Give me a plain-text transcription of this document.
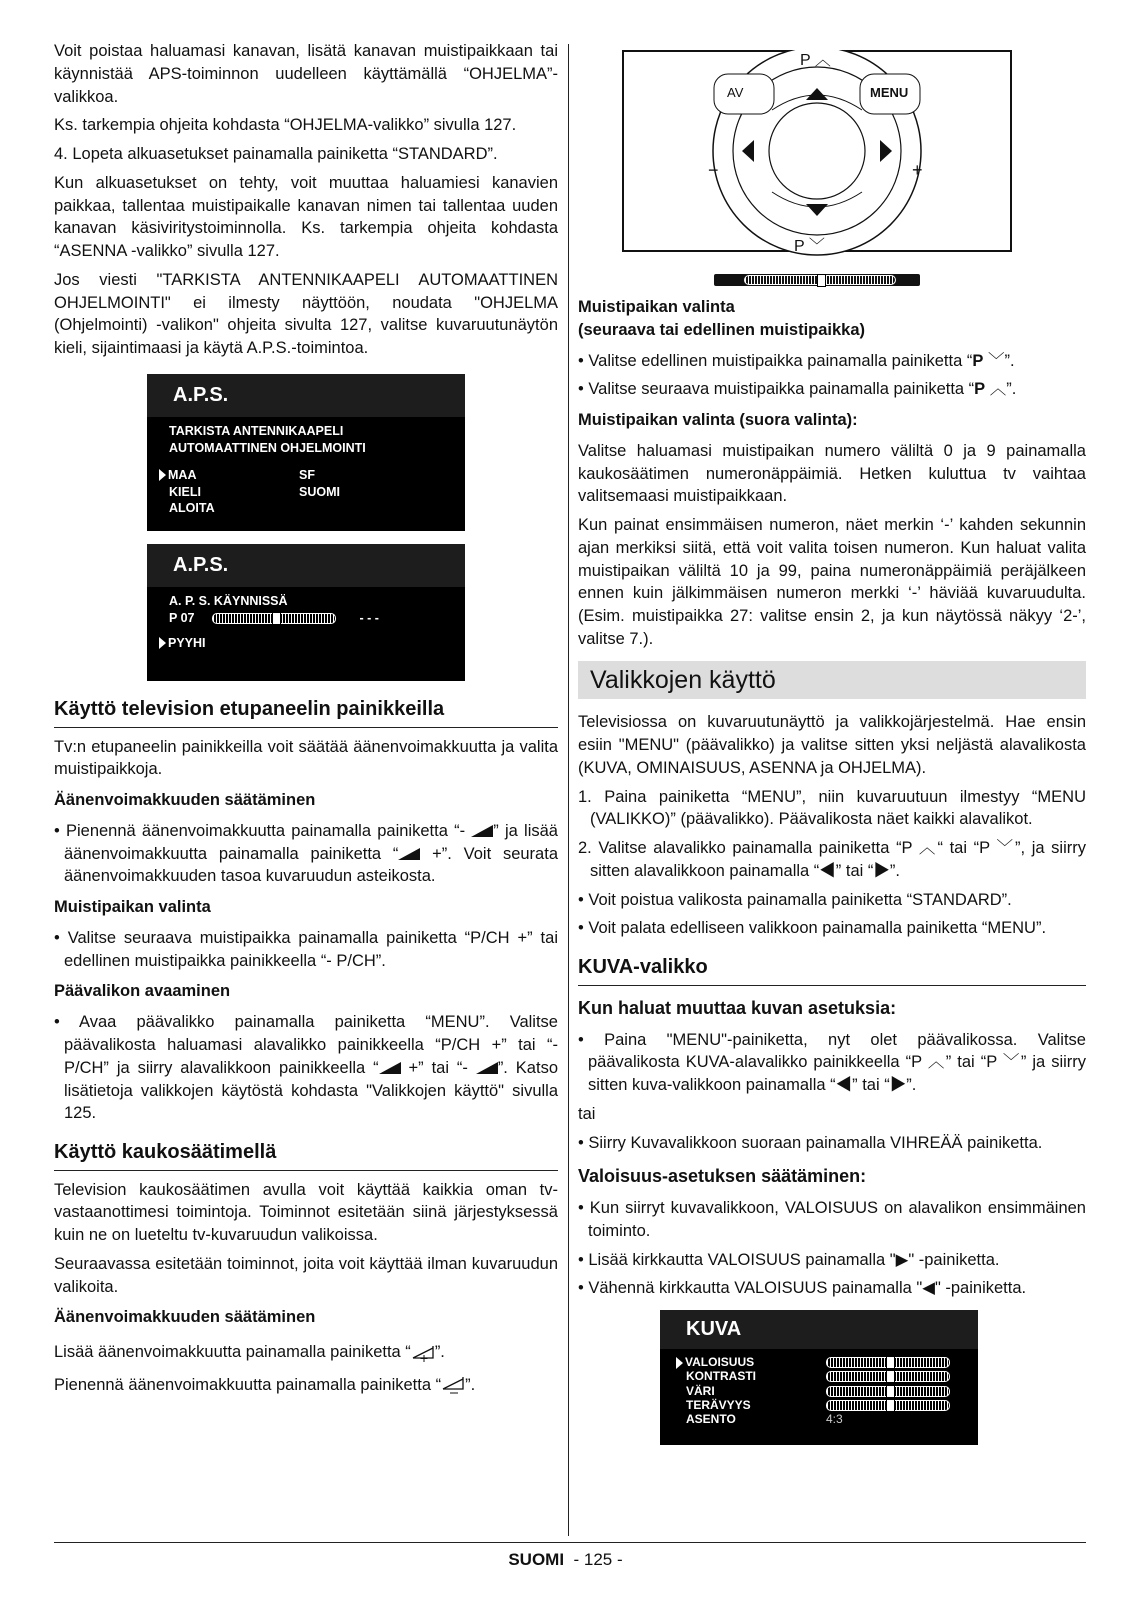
Voit poistaa haluamasi kanavan, lisätä kanavan muistipaikkaan tai käynnistää APS-toiminnon uudelleen käyttämällä “OHJELMA”-valikkoa.

Ks. tarkempia ohjeita kohdasta “OHJELMA-valikko” sivulla 127.

4. Lopeta alkuasetukset painamalla painiketta “STANDARD”.

Kun alkuasetukset on tehty, voit muuttaa haluamiesi kanavien paikkaa, tallentaa muistipaikalle kanavan nimen tai tallentaa uuden kanavan käsiviritystoiminnolla. Ks. tarkempia ohjeita kohdasta “ASENNA -valikko” sivulla 127.

Jos viesti "TARKISTA ANTENNIKAAPELI AUTOMAATTINEN OHJELMOINTI" ei ilmesty näyttöön, noudata "OHJELMA (Ohjelmointi) -valikon" ohjeita sivulta 127, valitse kuvaruutunäytön kieli, sijaintimaasi ja käytä A.P.S.-toimintoa.

A.P.S.
TARKISTA ANTENNIKAAPELI
AUTOMAATTINEN OHJELMOINTI
MAA	SF
KIELI	SUOMI
ALOITA
A.P.S.
A. P. S. KÄYNNISSÄ
P 07	- - -
PYYHI
Käyttö television etupaneelin painikkeilla

Tv:n etupaneelin painikkeilla voit säätää äänenvoimakkuutta ja valita muistipaikkoja.

Äänenvoimakkuuden säätäminen
• Pienennä äänenvoimakkuutta painamalla painiketta “- ” ja lisää äänenvoimakkuutta painamalla painiketta “ +”. Voit seurata äänenvoimakkuuden tasoa kuvaruudun asteikosta.
Muistipaikan valinta
• Valitse seuraava muistipaikka painamalla painiketta “P/CH +” tai edellinen muistipaikka painikkeella “- P/CH”.
Päävalikon avaaminen
• Avaa päävalikko painamalla painiketta “MENU”. Valitse päävalikosta haluamasi alavalikko painikkeella “P/CH +” tai “- P/CH” ja siirry alavalikkoon painikkeella “ +” tai “- ”. Katso lisätietoja valikkojen käytöstä kohdasta "Valikkojen käyttö" sivulla 125.
Käyttö kaukosäätimellä

Television kaukosäätimen avulla voit käyttää kaikkia oman tv-vastaanottimesi toimintoja. Toiminnot esitetään siinä järjestyksessä kuin ne on lueteltu tv-kuvaruudun valikoissa.

Seuraavassa esitetään toiminnot, joita voit käyttää ilman kuvaruudun valikoita.

Äänenvoimakkuuden säätäminen

Lisää äänenvoimakkuutta painamalla painiketta “ ”.

Pienennä äänenvoimakkuutta painamalla painiketta “ ”.

P ︿
AV	MENU
−	+
P ﹀
Muistipaikan valinta
(seuraava tai edellinen muistipaikka)
• Valitse edellinen muistipaikka painamalla painiketta “P ﹀”.
• Valitse seuraava muistipaikka painamalla painiketta “P ︿”.
Muistipaikan valinta (suora valinta):

Valitse haluamasi muistipaikan numero väliltä 0 ja 9 painamalla kaukosäätimen numeronäppäimiä. Hetken kuluttua tv vaihtaa valitsemaasi muistipaikkaan.

Kun painat ensimmäisen numeron, näet merkin ‘-’ kahden sekunnin ajan merkiksi siitä, että voit valita toisen numeron. Kun haluat valita muistipaikan väliltä 10 ja 99, paina numeronäppäimiä peräjälkeen ennen kuin jälkimmäisen numeron merkki ‘-’ häviää kuvaruudulta. (Esim. muistipaikka 27: valitse ensin 2, ja kun näytössä näkyy ‘2-’, valitse 7.).

Valikkojen käyttö

Televisiossa on kuvaruutunäyttö ja valikkojärjestelmä. Hae ensin esiin "MENU" (päävalikko) ja valitse sitten yksi neljästä alavalikosta (KUVA, OMINAISUUS, ASENNA ja OHJELMA).

1. Paina painiketta “MENU”, niin kuvaruutuun ilmestyy “MENU (VALIKKO)” (päävalikko). Päävalikosta näet kaikki alavalikot.
2. Valitse alavalikko painamalla painiketta “P ︿“ tai “P ﹀”, ja siirry sitten alavalikkoon painamalla “◀” tai “▶”.
• Voit poistua valikosta painamalla painiketta “STANDARD”.
• Voit palata edelliseen valikkoon painamalla painiketta “MENU”.
KUVA-valikko
Kun haluat muuttaa kuvan asetuksia:
• Paina "MENU"-painiketta, nyt olet päävalikossa. Valitse päävalikosta KUVA-alavalikko painikkeella “P ︿” tai “P ﹀” ja siirry sitten kuva-valikkoon painamalla “◀” tai “▶”.

tai

• Siirry Kuvavalikkoon suoraan painamalla VIHREÄÄ painiketta.
Valoisuus-asetuksen säätäminen:
• Kun siirryt kuvavalikkoon, VALOISUUS on alavalikon ensimmäinen toiminto.
• Lisää kirkkautta VALOISUUS painamalla "▶" -painiketta.
• Vähennä kirkkautta VALOISUUS painamalla "◀" -painiketta.
KUVA
VALOISUUS
KONTRASTI
VÄRI
TERÄVYYS
ASENTO	4:3
SUOMI - 125 -
